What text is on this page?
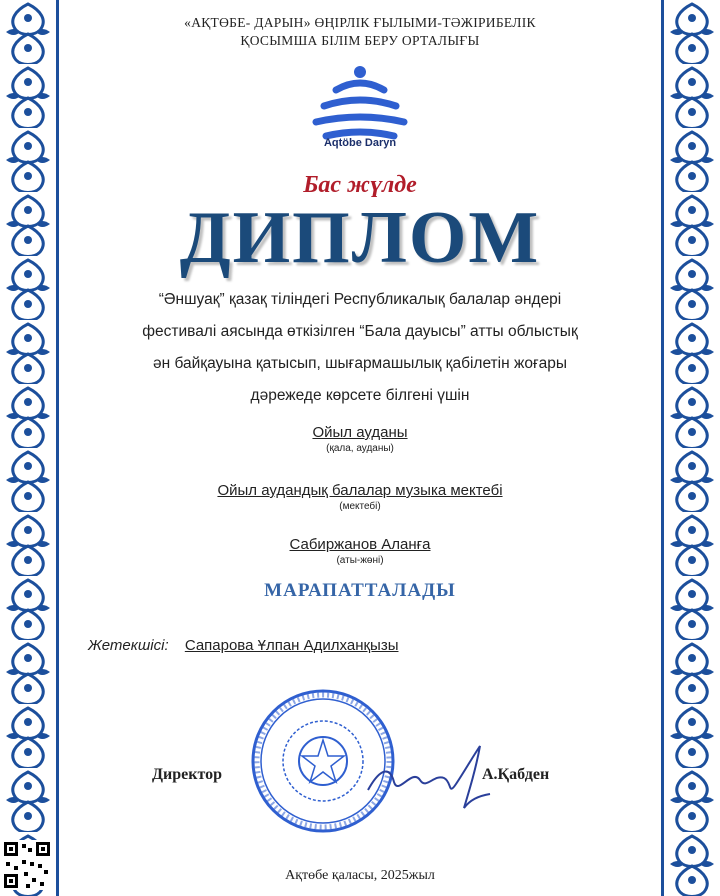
«АҚТӨБЕ- ДАРЫН» ӨҢІРЛІК ҒЫЛЫМИ-ТӘЖІРИБЕЛІК
ҚОСЫМША БІЛІМ БЕРУ ОРТАЛЫҒЫ
Aqtöbe Daryn
Бас жүлде
ДИПЛОМ
“Әншуақ” қазақ тіліндегі Республикалық балалар әндері
фестивалі аясында өткізілген “Бала дауысы” атты облыстық
ән байқауына қатысып, шығармашылық қабілетін жоғары
дәрежеде көрсете білгені үшін
Ойыл ауданы
(қала, ауданы)
Ойыл аудандық балалар музыка мектебі
(мектебі)
Сабиржанов Аланға
(аты-жөні)
МАРАПАТТАЛАДЫ
Жетекшісі: Сапарова Ұлпан Адилханқызы
Директор	А.Қабден
Ақтөбе қаласы, 2025жыл
